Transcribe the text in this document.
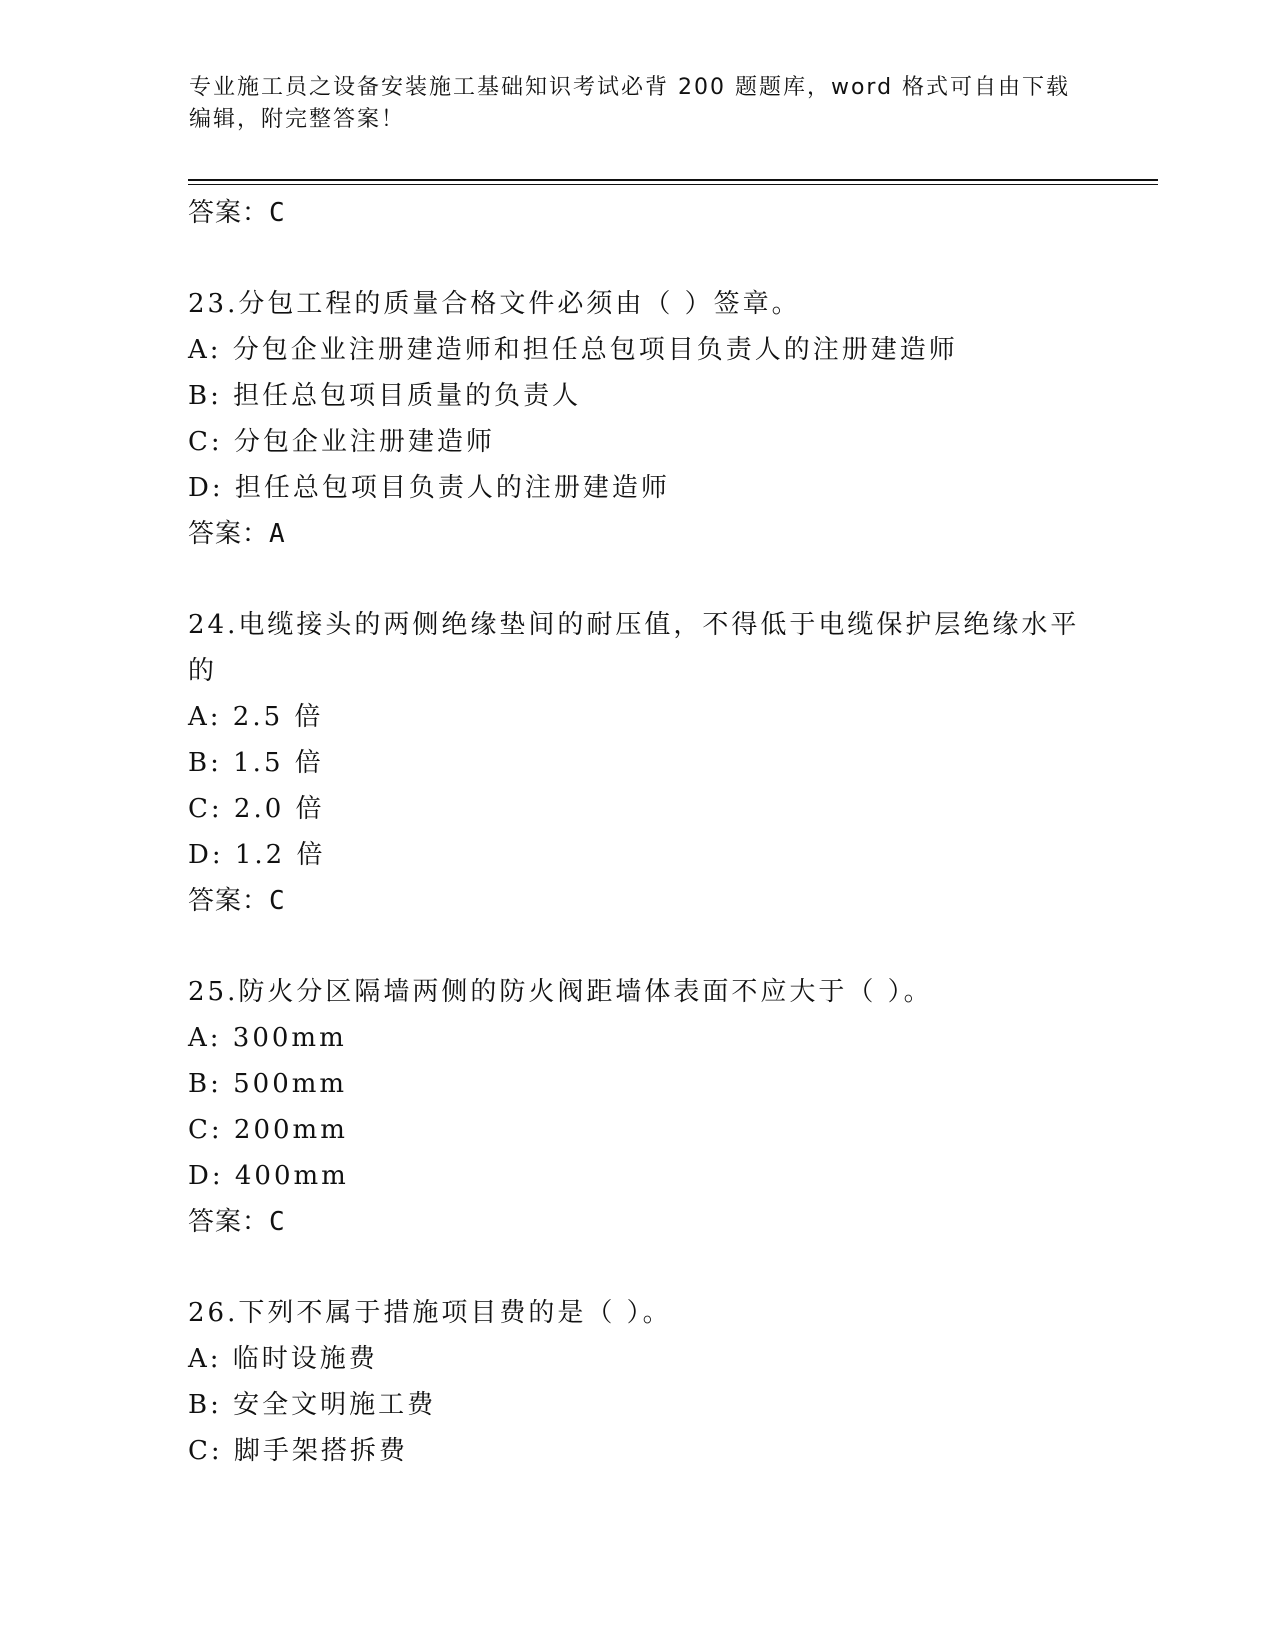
专业施工员之设备安装施工基础知识考试必背 200 题题库，word 格式可自由下载
编辑，附完整答案！
答案：C
23.分包工程的质量合格文件必须由（ ）签章。
A: 分包企业注册建造师和担任总包项目负责人的注册建造师
B: 担任总包项目质量的负责人
C: 分包企业注册建造师
D: 担任总包项目负责人的注册建造师
答案：A
24.电缆接头的两侧绝缘垫间的耐压值，不得低于电缆保护层绝缘水平
的
A: 2.5 倍
B: 1.5 倍
C: 2.0 倍
D: 1.2 倍
答案：C
25.防火分区隔墙两侧的防火阀距墙体表面不应大于（ ）。
A: 300mm
B: 500mm
C: 200mm
D: 400mm
答案：C
26.下列不属于措施项目费的是（ ）。
A: 临时设施费
B: 安全文明施工费
C: 脚手架搭拆费
